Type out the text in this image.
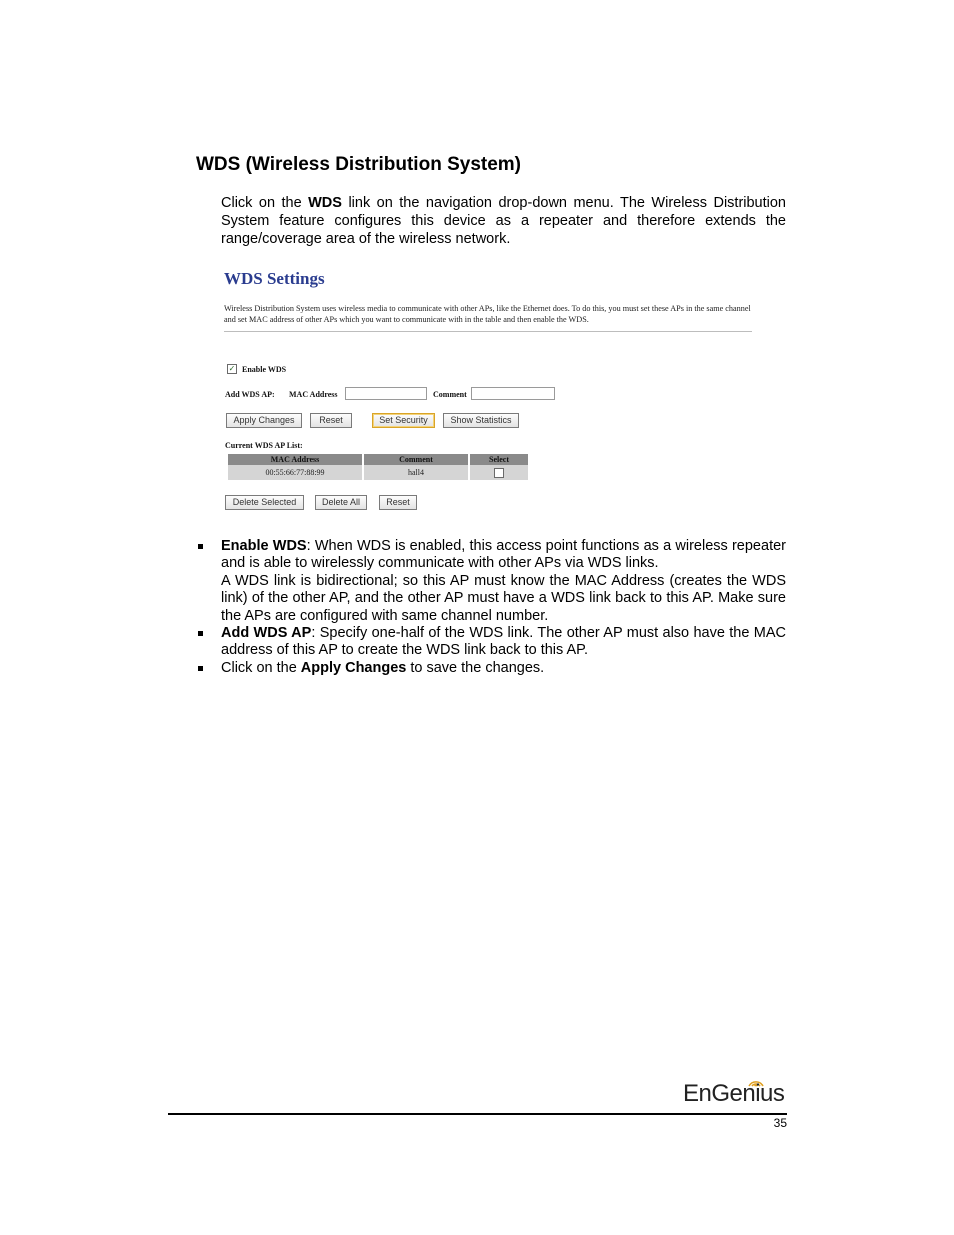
WDS (Wireless Distribution System)

Click on the WDS link on the navigation drop-down menu. The Wireless Distribution System feature configures this device as a repeater and therefore extends the range/coverage area of the wireless network.

WDS Settings
Wireless Distribution System uses wireless media to communicate with other APs, like the Ethernet does. To do this, you must set these APs in the same channel and set MAC address of other APs which you want to communicate with in the table and then enable the WDS.
✓ Enable WDS
Add WDS AP: MAC Address	Comment
Apply Changes	Reset	Set Security	Show Statistics
Current WDS AP List:
MAC Address	Comment	Select
00:55:66:77:88:99	hall4	
Delete Selected	Delete All	Reset

Enable WDS: When WDS is enabled, this access point functions as a wireless repeater and is able to wirelessly communicate with other APs via WDS links.

A WDS link is bidirectional; so this AP must know the MAC Address (creates the WDS link) of the other AP, and the other AP must have a WDS link back to this AP. Make sure the APs are configured with same channel number.

Add WDS AP: Specify one-half of the WDS link. The other AP must also have the MAC address of this AP to create the WDS link back to this AP.

Click on the Apply Changes to save the changes.

EnGenius
35
